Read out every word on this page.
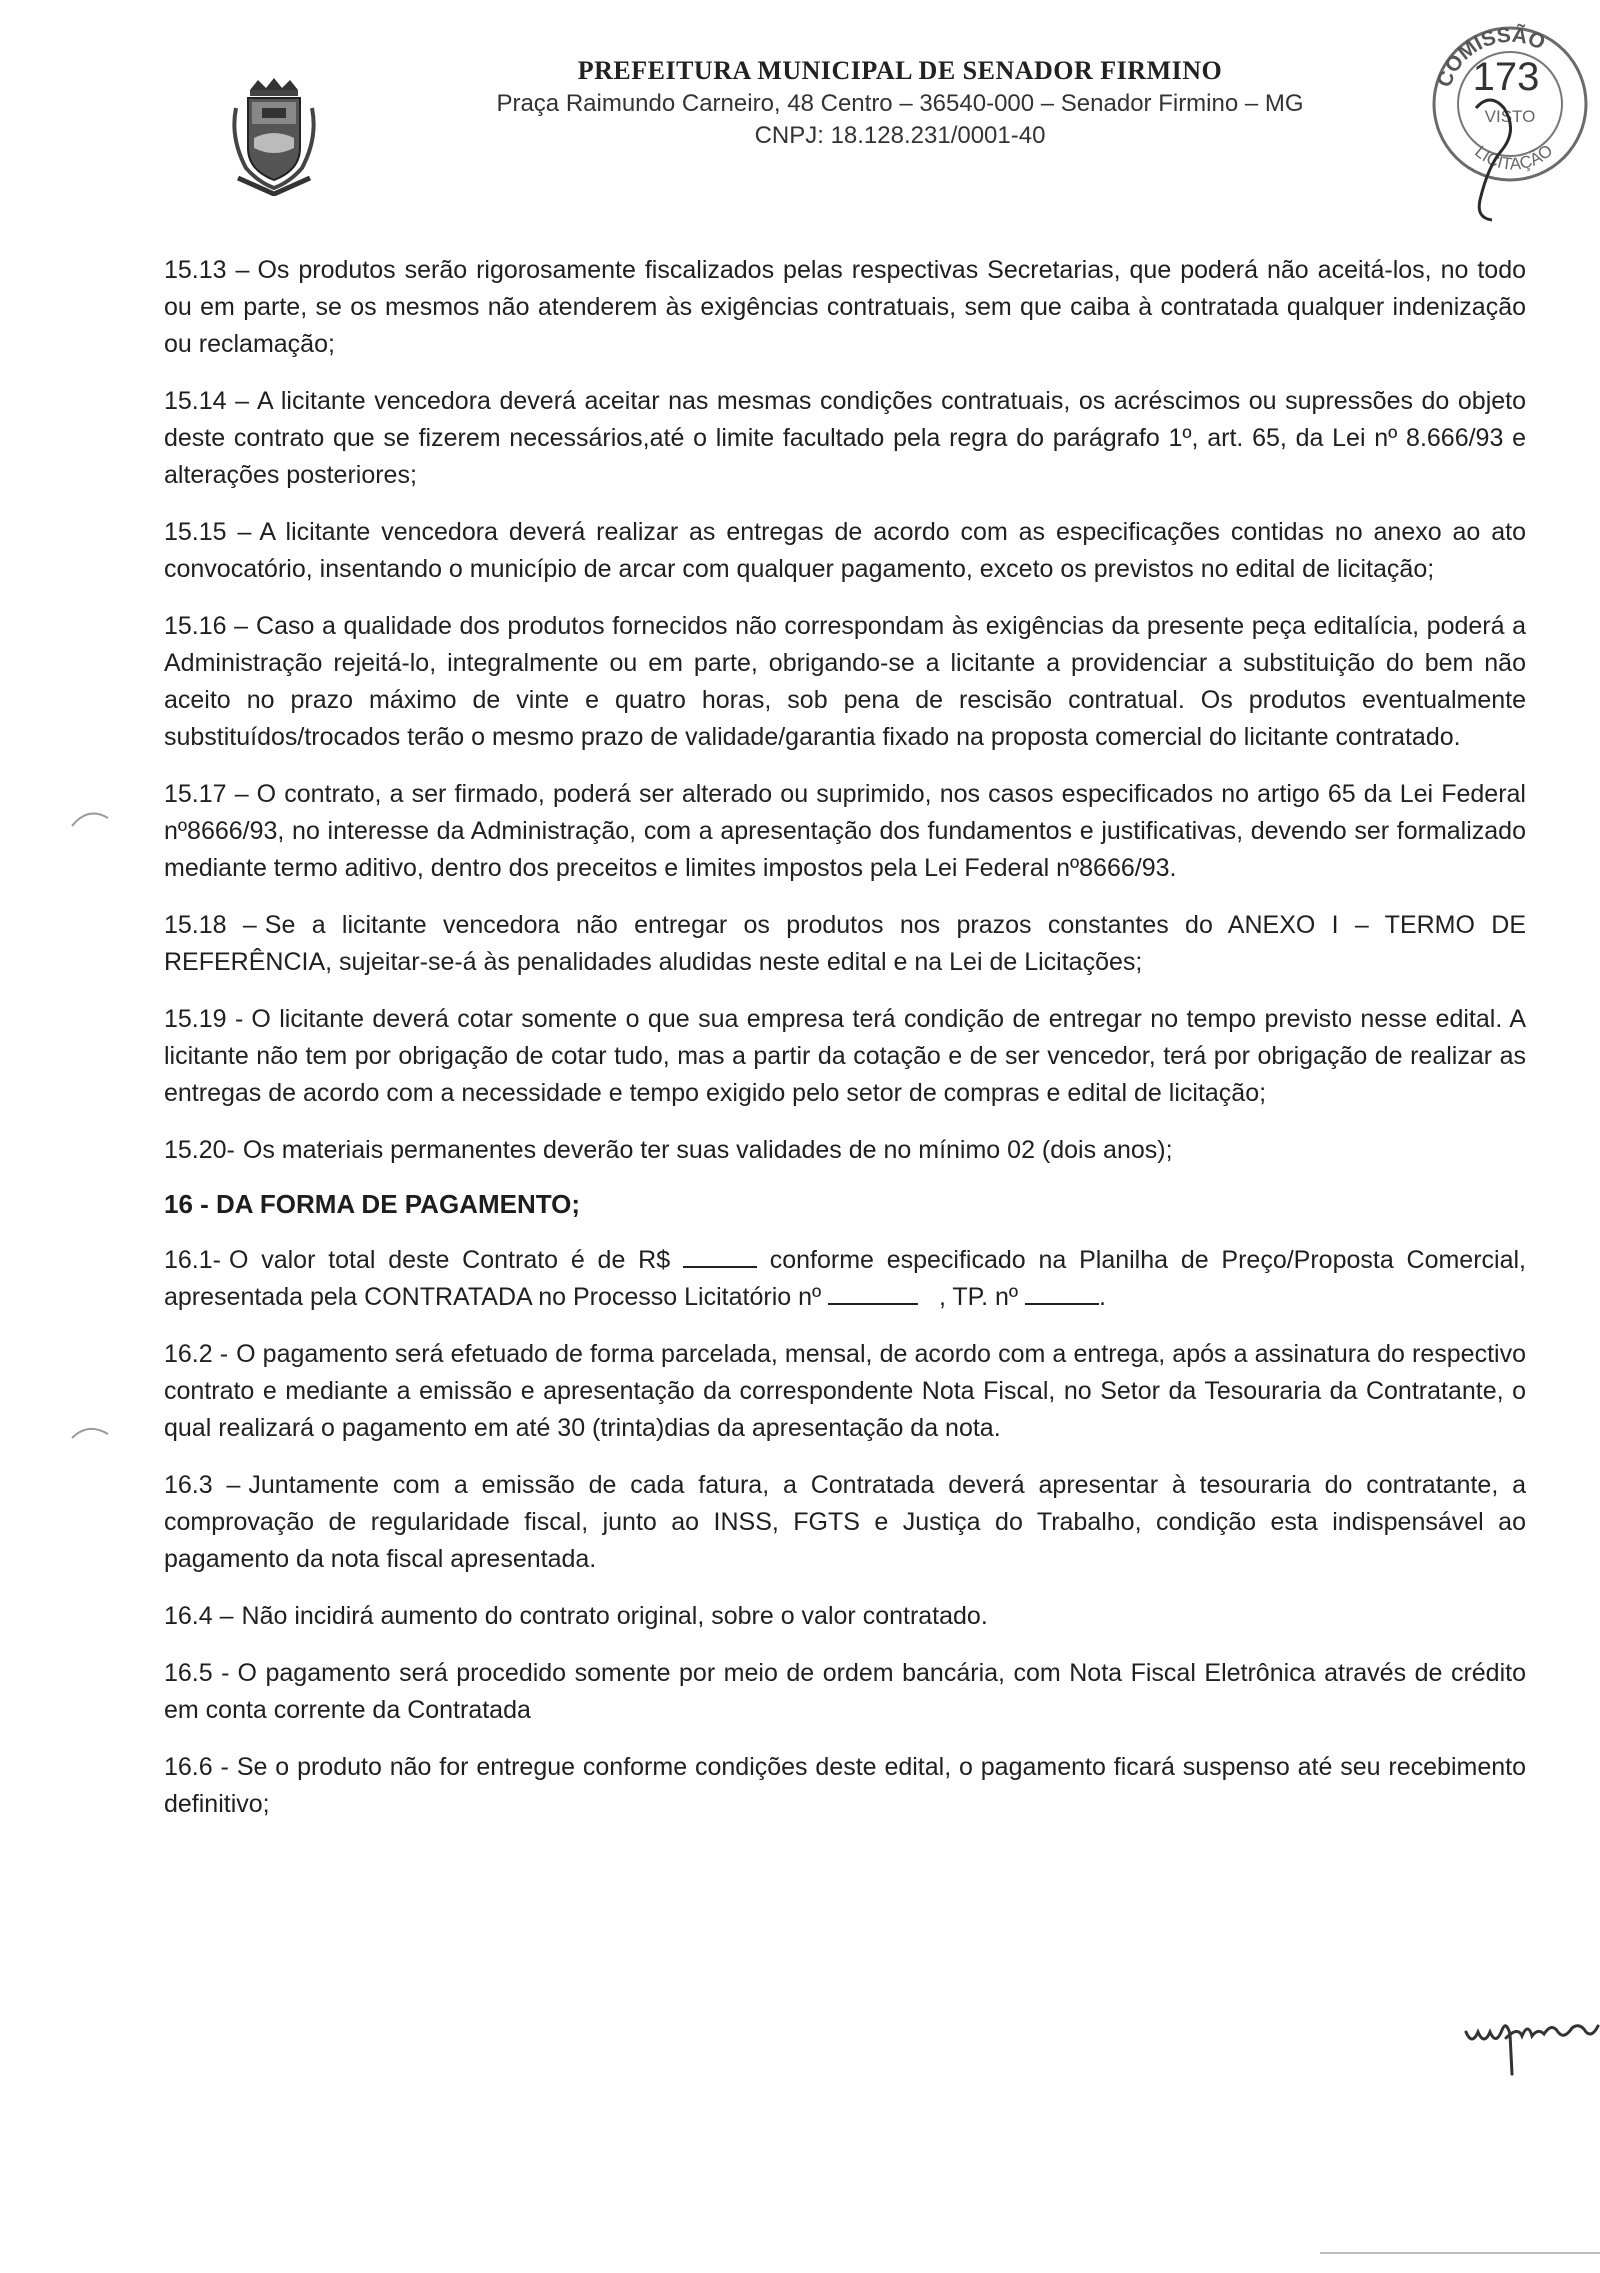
PREFEITURA MUNICIPAL DE SENADOR FIRMINO
Praça Raimundo Carneiro, 48 Centro – 36540-000 – Senador Firmino – MG
CNPJ: 18.128.231/0001-40
COMISSÃO
LICITAÇÃO
173
VISTO

15.13 – Os produtos serão rigorosamente fiscalizados pelas respectivas Secretarias, que poderá não aceitá-los, no todo ou em parte, se os mesmos não atenderem às exigências contratuais, sem que caiba à contratada qualquer indenização ou reclamação;

15.14 – A licitante vencedora deverá aceitar nas mesmas condições contratuais, os acréscimos ou supressões do objeto deste contrato que se fizerem necessários,até o limite facultado pela regra do parágrafo 1º, art. 65, da Lei nº 8.666/93 e alterações posteriores;

15.15 – A licitante vencedora deverá realizar as entregas de acordo com as especificações contidas no anexo ao ato convocatório, insentando o município de arcar com qualquer pagamento, exceto os previstos no edital de licitação;

15.16 – Caso a qualidade dos produtos fornecidos não correspondam às exigências da presente peça editalícia, poderá a Administração rejeitá-lo, integralmente ou em parte, obrigando-se a licitante a providenciar a substituição do bem não aceito no prazo máximo de vinte e quatro horas, sob pena de rescisão contratual. Os produtos eventualmente substituídos/trocados terão o mesmo prazo de validade/garantia fixado na proposta comercial do licitante contratado.

15.17 – O contrato, a ser firmado, poderá ser alterado ou suprimido, nos casos especificados no artigo 65 da Lei Federal nº8666/93, no interesse da Administração, com a apresentação dos fundamentos e justificativas, devendo ser formalizado mediante termo aditivo, dentro dos preceitos e limites impostos pela Lei Federal nº8666/93.

15.18 – Se a licitante vencedora não entregar os produtos nos prazos constantes do ANEXO I – TERMO DE REFERÊNCIA, sujeitar-se-á às penalidades aludidas neste edital e na Lei de Licitações;

15.19 - O licitante deverá cotar somente o que sua empresa terá condição de entregar no tempo previsto nesse edital. A licitante não tem por obrigação de cotar tudo, mas a partir da cotação e de ser vencedor, terá por obrigação de realizar as entregas de acordo com a necessidade e tempo exigido pelo setor de compras e edital de licitação;

15.20- Os materiais permanentes deverão ter suas validades de no mínimo 02 (dois anos);

16 - DA FORMA DE PAGAMENTO;

16.1- O valor total deste Contrato é de R$	conforme especificado na Planilha de Preço/Proposta Comercial, apresentada pela CONTRATADA no Processo Licitatório nº	, TP. nº	.

16.2 - O pagamento será efetuado de forma parcelada, mensal, de acordo com a entrega, após a assinatura do respectivo contrato e mediante a emissão e apresentação da correspondente Nota Fiscal, no Setor da Tesouraria da Contratante, o qual realizará o pagamento em até 30 (trinta)dias da apresentação da nota.

16.3 – Juntamente com a emissão de cada fatura, a Contratada deverá apresentar à tesouraria do contratante, a comprovação de regularidade fiscal, junto ao INSS, FGTS e Justiça do Trabalho, condição esta indispensável ao pagamento da nota fiscal apresentada.

16.4 – Não incidirá aumento do contrato original, sobre o valor contratado.

16.5 - O pagamento será procedido somente por meio de ordem bancária, com Nota Fiscal Eletrônica através de crédito em conta corrente da Contratada

16.6 - Se o produto não for entregue conforme condições deste edital, o pagamento ficará suspenso até seu recebimento definitivo;
